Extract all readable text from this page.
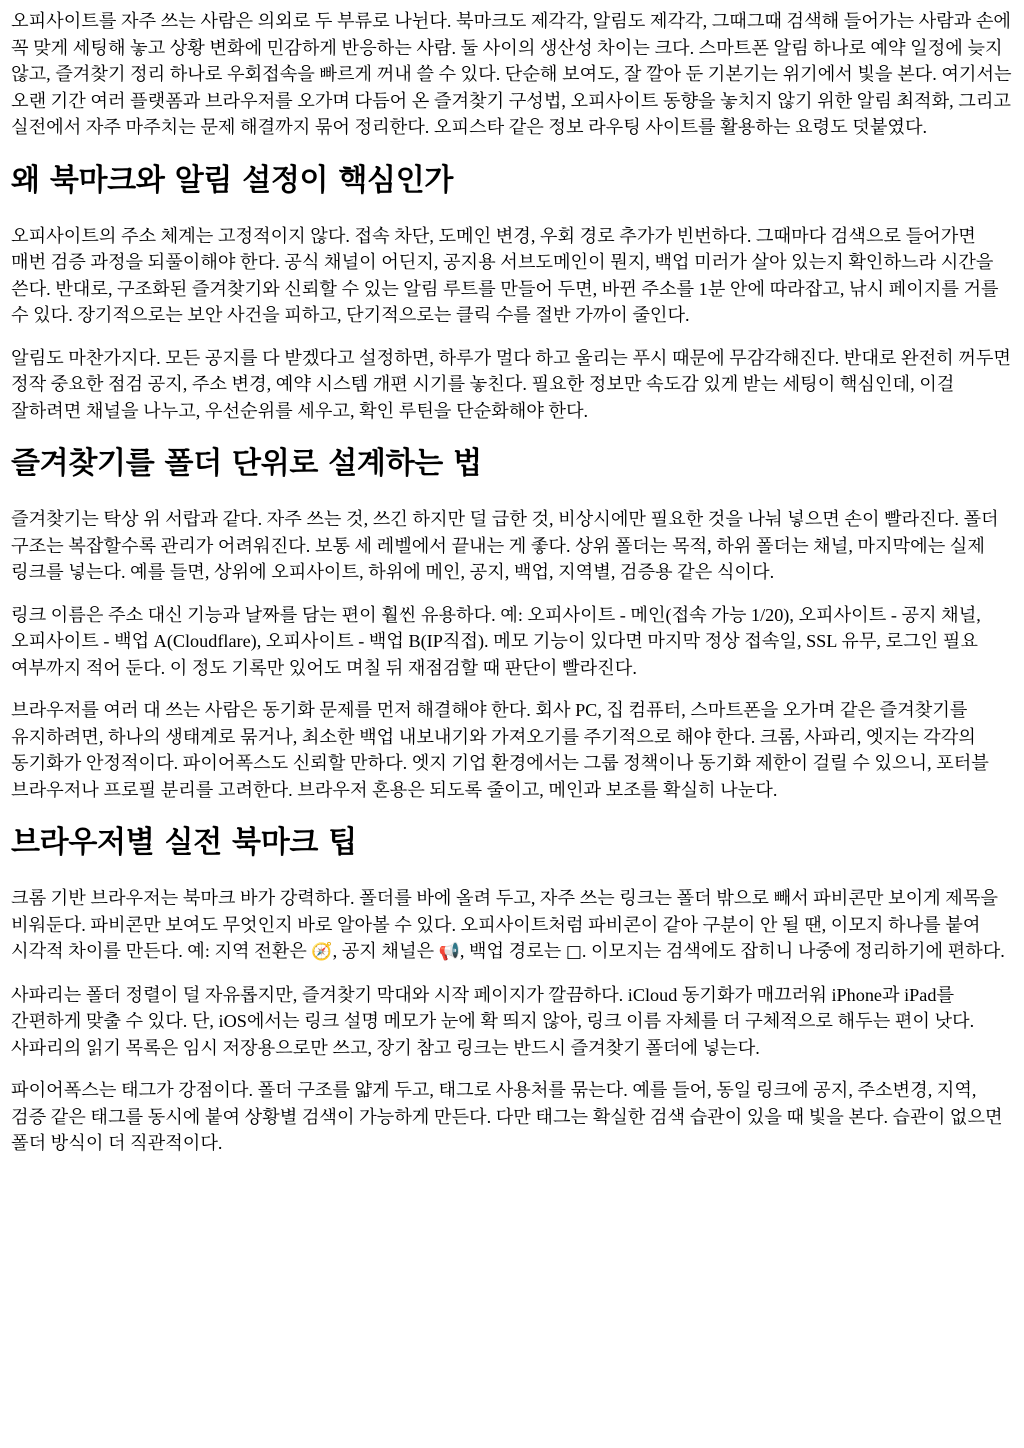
오피사이트를 자주 쓰는 사람은 의외로 두 부류로 나뉜다. 북마크도 제각각, 알림도 제각각, 그때그때 검색해 들어가는 사람과 손에 꼭 맞게 세팅해 놓고 상황 변화에 민감하게 반응하는 사람. 둘 사이의 생산성 차이는 크다. 스마트폰 알림 하나로 예약 일정에 늦지 않고, 즐겨찾기 정리 하나로 우회접속을 빠르게 꺼내 쓸 수 있다. 단순해 보여도, 잘 깔아 둔 기본기는 위기에서 빛을 본다. 여기서는 오랜 기간 여러 플랫폼과 브라우저를 오가며 다듬어 온 즐겨찾기 구성법, 오피사이트 동향을 놓치지 않기 위한 알림 최적화, 그리고 실전에서 자주 마주치는 문제 해결까지 묶어 정리한다. 오피스타 같은 정보 라우팅 사이트를 활용하는 요령도 덧붙였다.

왜 북마크와 알림 설정이 핵심인가

오피사이트의 주소 체계는 고정적이지 않다. 접속 차단, 도메인 변경, 우회 경로 추가가 빈번하다. 그때마다 검색으로 들어가면 매번 검증 과정을 되풀이해야 한다. 공식 채널이 어딘지, 공지용 서브도메인이 뭔지, 백업 미러가 살아 있는지 확인하느라 시간을 쓴다. 반대로, 구조화된 즐겨찾기와 신뢰할 수 있는 알림 루트를 만들어 두면, 바뀐 주소를 1분 안에 따라잡고, 낚시 페이지를 거를 수 있다. 장기적으로는 보안 사건을 피하고, 단기적으로는 클릭 수를 절반 가까이 줄인다.

알림도 마찬가지다. 모든 공지를 다 받겠다고 설정하면, 하루가 멀다 하고 울리는 푸시 때문에 무감각해진다. 반대로 완전히 꺼두면 정작 중요한 점검 공지, 주소 변경, 예약 시스템 개편 시기를 놓친다. 필요한 정보만 속도감 있게 받는 세팅이 핵심인데, 이걸 잘하려면 채널을 나누고, 우선순위를 세우고, 확인 루틴을 단순화해야 한다.

즐겨찾기를 폴더 단위로 설계하는 법

즐겨찾기는 탁상 위 서랍과 같다. 자주 쓰는 것, 쓰긴 하지만 덜 급한 것, 비상시에만 필요한 것을 나눠 넣으면 손이 빨라진다. 폴더 구조는 복잡할수록 관리가 어려워진다. 보통 세 레벨에서 끝내는 게 좋다. 상위 폴더는 목적, 하위 폴더는 채널, 마지막에는 실제 링크를 넣는다. 예를 들면, 상위에 오피사이트, 하위에 메인, 공지, 백업, 지역별, 검증용 같은 식이다.

링크 이름은 주소 대신 기능과 날짜를 담는 편이 훨씬 유용하다. 예: 오피사이트 - 메인(접속 가능 1/20), 오피사이트 - 공지 채널, 오피사이트 - 백업 A(Cloudflare), 오피사이트 - 백업 B(IP직접). 메모 기능이 있다면 마지막 정상 접속일, SSL 유무, 로그인 필요 여부까지 적어 둔다. 이 정도 기록만 있어도 며칠 뒤 재점검할 때 판단이 빨라진다.

브라우저를 여러 대 쓰는 사람은 동기화 문제를 먼저 해결해야 한다. 회사 PC, 집 컴퓨터, 스마트폰을 오가며 같은 즐겨찾기를 유지하려면, 하나의 생태계로 묶거나, 최소한 백업 내보내기와 가져오기를 주기적으로 해야 한다. 크롬, 사파리, 엣지는 각각의 동기화가 안정적이다. 파이어폭스도 신뢰할 만하다. 엣지 기업 환경에서는 그룹 정책이나 동기화 제한이 걸릴 수 있으니, 포터블 브라우저나 프로필 분리를 고려한다. 브라우저 혼용은 되도록 줄이고, 메인과 보조를 확실히 나눈다.

브라우저별 실전 북마크 팁

크롬 기반 브라우저는 북마크 바가 강력하다. 폴더를 바에 올려 두고, 자주 쓰는 링크는 폴더 밖으로 빼서 파비콘만 보이게 제목을 비워둔다. 파비콘만 보여도 무엇인지 바로 알아볼 수 있다. 오피사이트처럼 파비콘이 같아 구분이 안 될 땐, 이모지 하나를 붙여 시각적 차이를 만든다. 예: 지역 전환은 🧭, 공지 채널은 📢, 백업 경로는 □. 이모지는 검색에도 잡히니 나중에 정리하기에 편하다.

사파리는 폴더 정렬이 덜 자유롭지만, 즐겨찾기 막대와 시작 페이지가 깔끔하다. iCloud 동기화가 매끄러워 iPhone과 iPad를 간편하게 맞출 수 있다. 단, iOS에서는 링크 설명 메모가 눈에 확 띄지 않아, 링크 이름 자체를 더 구체적으로 해두는 편이 낫다. 사파리의 읽기 목록은 임시 저장용으로만 쓰고, 장기 참고 링크는 반드시 즐겨찾기 폴더에 넣는다.

파이어폭스는 태그가 강점이다. 폴더 구조를 얇게 두고, 태그로 사용처를 묶는다. 예를 들어, 동일 링크에 공지, 주소변경, 지역, 검증 같은 태그를 동시에 붙여 상황별 검색이 가능하게 만든다. 다만 태그는 확실한 검색 습관이 있을 때 빛을 본다. 습관이 없으면 폴더 방식이 더 직관적이다.
